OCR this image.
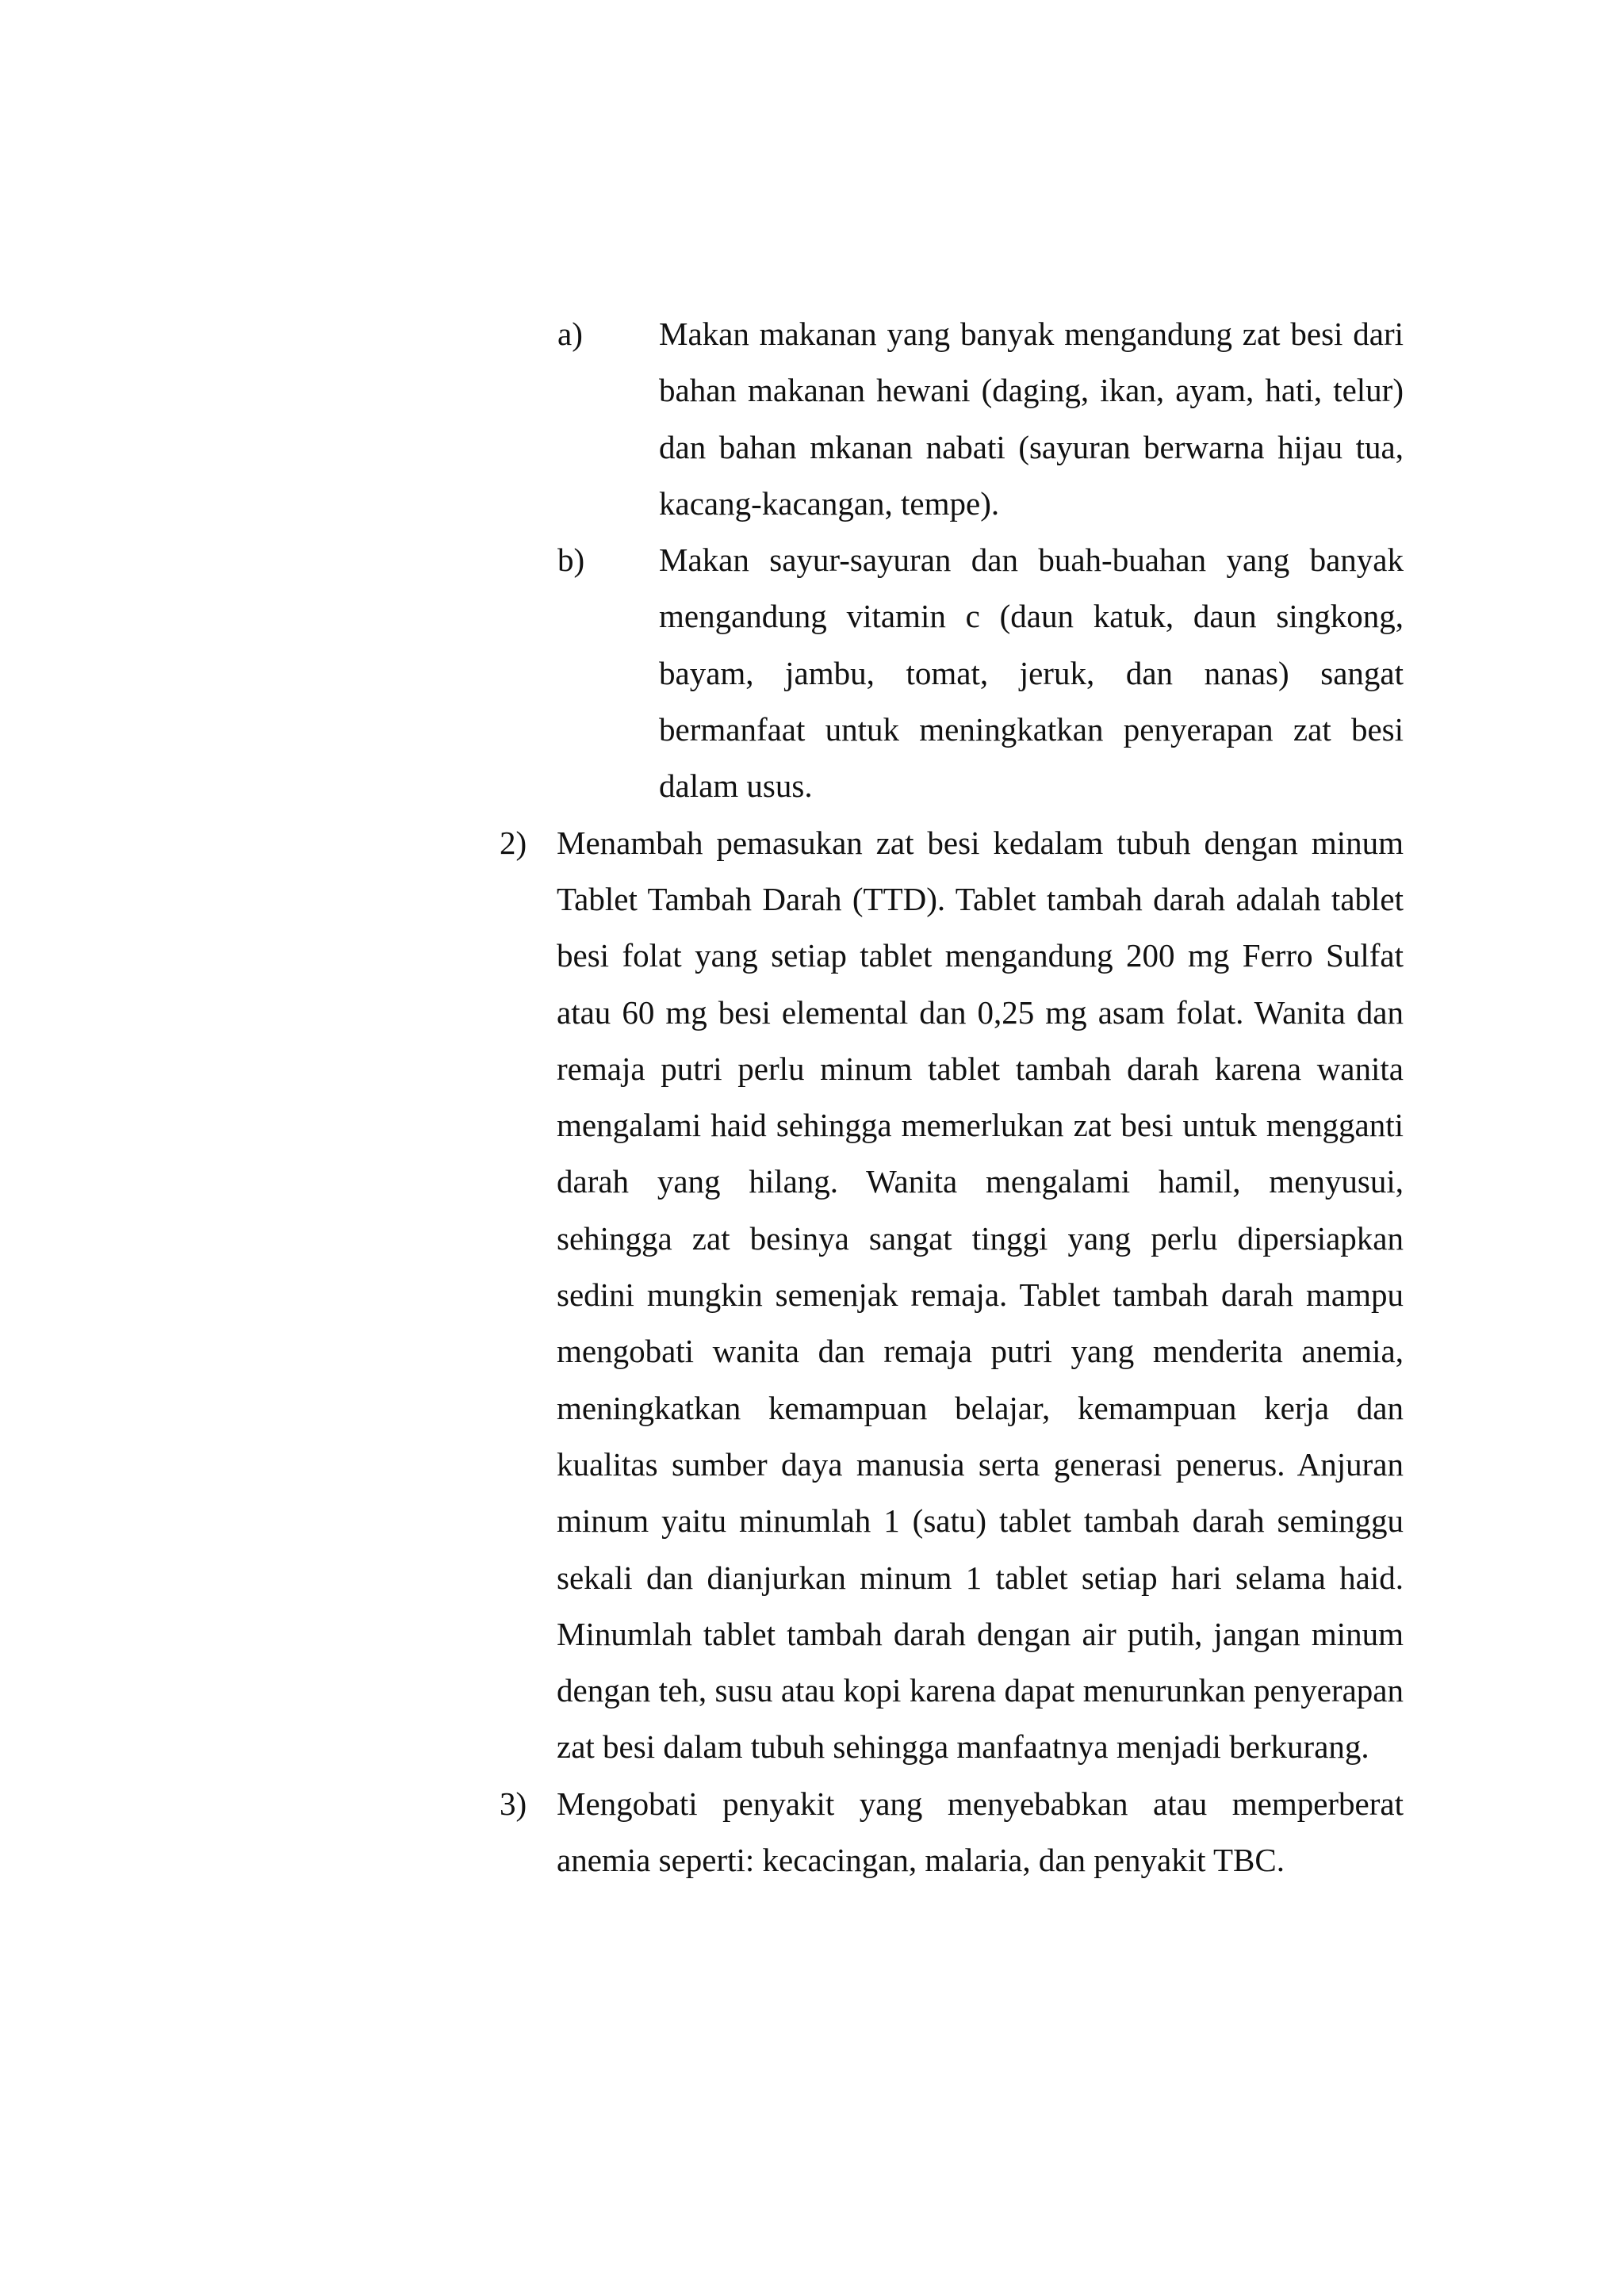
a) Makan makanan yang banyak mengandung zat besi dari bahan makanan hewani (daging, ikan, ayam, hati, telur) dan bahan mkanan nabati (sayuran berwarna hijau tua, kacang-kacangan, tempe).
b) Makan sayur-sayuran dan buah-buahan yang banyak mengandung vitamin c (daun katuk, daun singkong, bayam, jambu, tomat, jeruk, dan nanas) sangat bermanfaat untuk meningkatkan penyerapan zat besi dalam usus.
2) Menambah pemasukan zat besi kedalam tubuh dengan minum Tablet Tambah Darah (TTD). Tablet tambah darah adalah tablet besi folat yang setiap tablet mengandung 200 mg Ferro Sulfat atau 60 mg besi elemental dan 0,25 mg asam folat. Wanita dan remaja putri perlu minum tablet tambah darah karena wanita mengalami haid sehingga memerlukan zat besi untuk mengganti darah yang hilang. Wanita mengalami hamil, menyusui, sehingga zat besinya sangat tinggi yang perlu dipersiapkan sedini mungkin semenjak remaja. Tablet tambah darah mampu mengobati wanita dan remaja putri yang menderita anemia, meningkatkan kemampuan belajar, kemampuan kerja dan kualitas sumber daya manusia serta generasi penerus. Anjuran minum yaitu minumlah 1 (satu) tablet tambah darah seminggu sekali dan dianjurkan minum 1 tablet setiap hari selama haid. Minumlah tablet tambah darah dengan air putih, jangan minum dengan teh, susu atau kopi karena dapat menurunkan penyerapan zat besi dalam tubuh sehingga manfaatnya menjadi berkurang.
3) Mengobati penyakit yang menyebabkan atau memperberat anemia seperti: kecacingan, malaria, dan penyakit TBC.
